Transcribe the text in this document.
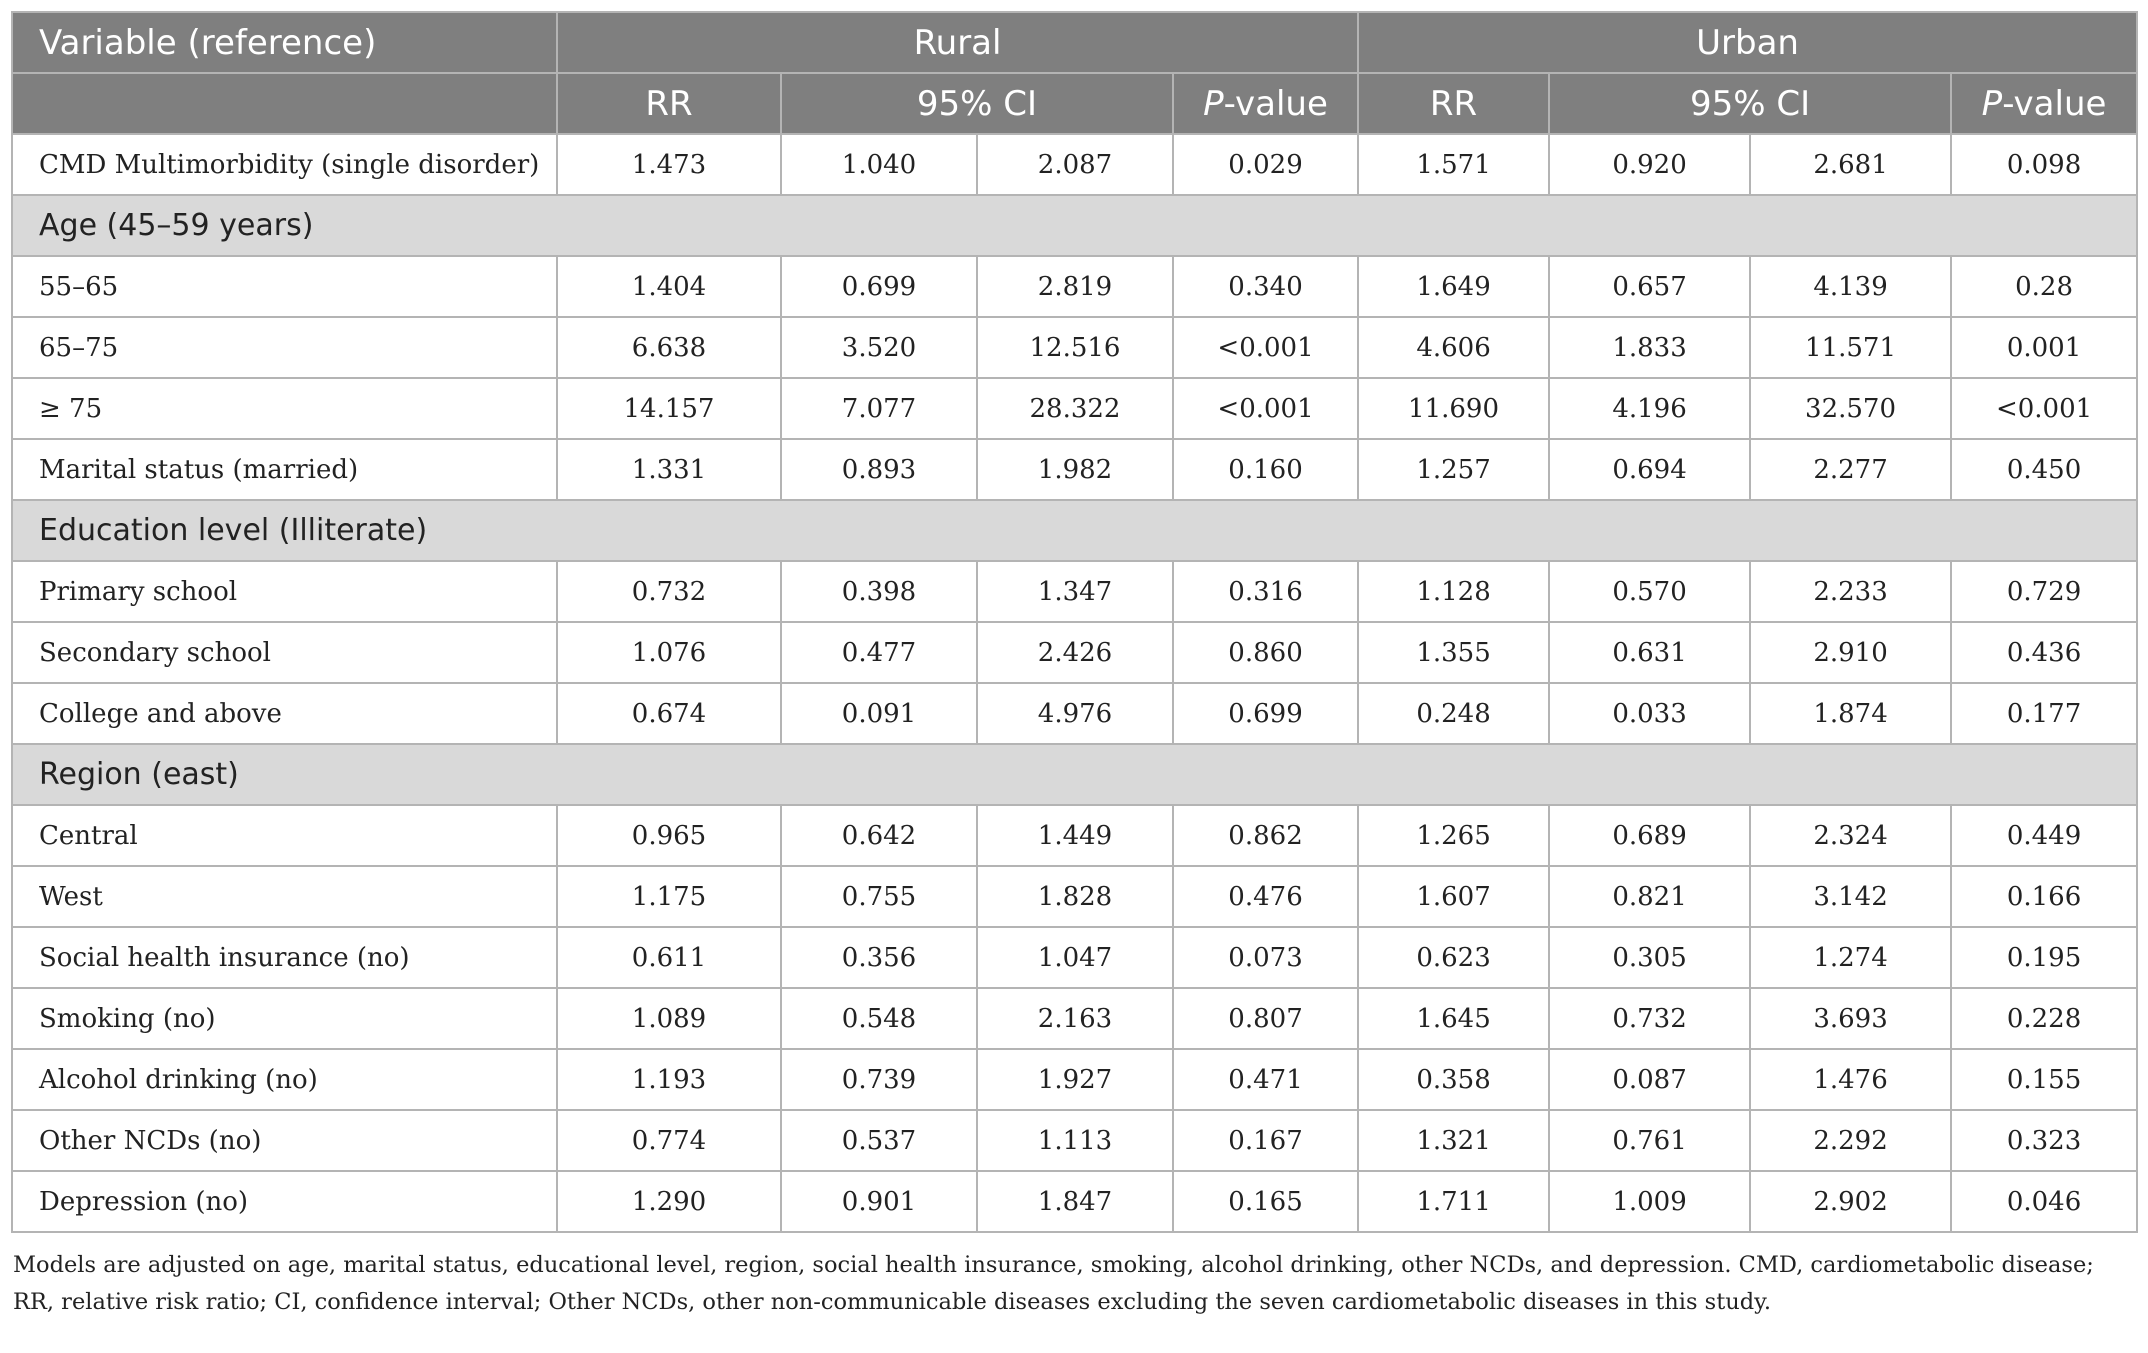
Variable (reference)	Rural				Urban			
	RR	95% CI		P-value	RR	95% CI		P-value
CMD Multimorbidity (single disorder)	1.473	1.040	2.087	0.029	1.571	0.920	2.681	0.098
Age (45–59 years)								
55–65	1.404	0.699	2.819	0.340	1.649	0.657	4.139	0.28
65–75	6.638	3.520	12.516	<0.001	4.606	1.833	11.571	0.001
≥ 75	14.157	7.077	28.322	<0.001	11.690	4.196	32.570	<0.001
Marital status (married)	1.331	0.893	1.982	0.160	1.257	0.694	2.277	0.450
Education level (Illiterate)								
Primary school	0.732	0.398	1.347	0.316	1.128	0.570	2.233	0.729
Secondary school	1.076	0.477	2.426	0.860	1.355	0.631	2.910	0.436
College and above	0.674	0.091	4.976	0.699	0.248	0.033	1.874	0.177
Region (east)								
Central	0.965	0.642	1.449	0.862	1.265	0.689	2.324	0.449
West	1.175	0.755	1.828	0.476	1.607	0.821	3.142	0.166
Social health insurance (no)	0.611	0.356	1.047	0.073	0.623	0.305	1.274	0.195
Smoking (no)	1.089	0.548	2.163	0.807	1.645	0.732	3.693	0.228
Alcohol drinking (no)	1.193	0.739	1.927	0.471	0.358	0.087	1.476	0.155
Other NCDs (no)	0.774	0.537	1.113	0.167	1.321	0.761	2.292	0.323
Depression (no)	1.290	0.901	1.847	0.165	1.711	1.009	2.902	0.046
Models are adjusted on age, marital status, educational level, region, social health insurance, smoking, alcohol drinking, other NCDs, and depression. CMD, cardiometabolic disease; RR, relative risk ratio; CI, confidence interval; Other NCDs, other non-communicable diseases excluding the seven cardiometabolic diseases in this study.
